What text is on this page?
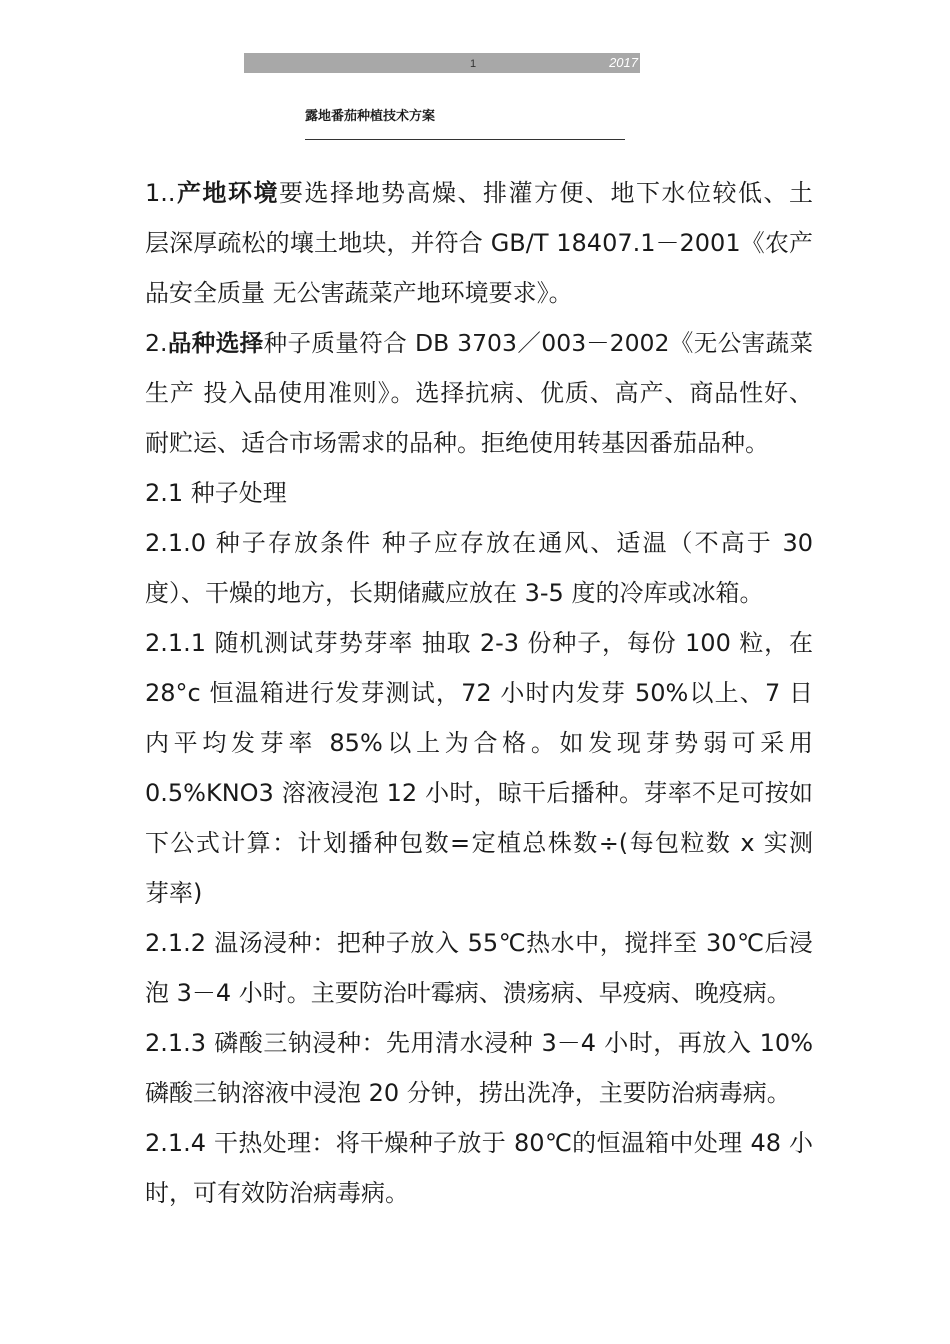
1	2017
露地番茄种植技术方案
1..产地环境要选择地势高燥、排灌方便、地下水位较低、土
层深厚疏松的壤土地块，并符合 GB/T 18407.1－2001《农产
品安全质量 无公害蔬菜产地环境要求》。
2.品种选择种子质量符合 DB 3703／003－2002《无公害蔬菜
生产 投入品使用准则》。选择抗病、优质、高产、商品性好、
耐贮运、适合市场需求的品种。拒绝使用转基因番茄品种。
2.1 种子处理
2.1.0 种子存放条件 种子应存放在通风、适温（不高于 30
度）、干燥的地方，长期储藏应放在 3-5 度的冷库或冰箱。
2.1.1 随机测试芽势芽率 抽取 2-3 份种子，每份 100 粒，在
28°c 恒温箱进行发芽测试，72 小时内发芽 50%以上、7 日
内平均发芽率 85%以上为合格。如发现芽势弱可采用
0.5%KNO3 溶液浸泡 12 小时，晾干后播种。芽率不足可按如
下公式计算：计划播种包数=定植总株数÷(每包粒数 x 实测
芽率)
2.1.2 温汤浸种：把种子放入 55℃热水中，搅拌至 30℃后浸
泡 3－4 小时。主要防治叶霉病、溃疡病、早疫病、晚疫病。
2.1.3 磷酸三钠浸种：先用清水浸种 3－4 小时，再放入 10%
磷酸三钠溶液中浸泡 20 分钟，捞出洗净，主要防治病毒病。
2.1.4 干热处理：将干燥种子放于 80℃的恒温箱中处理 48 小
时，可有效防治病毒病。
